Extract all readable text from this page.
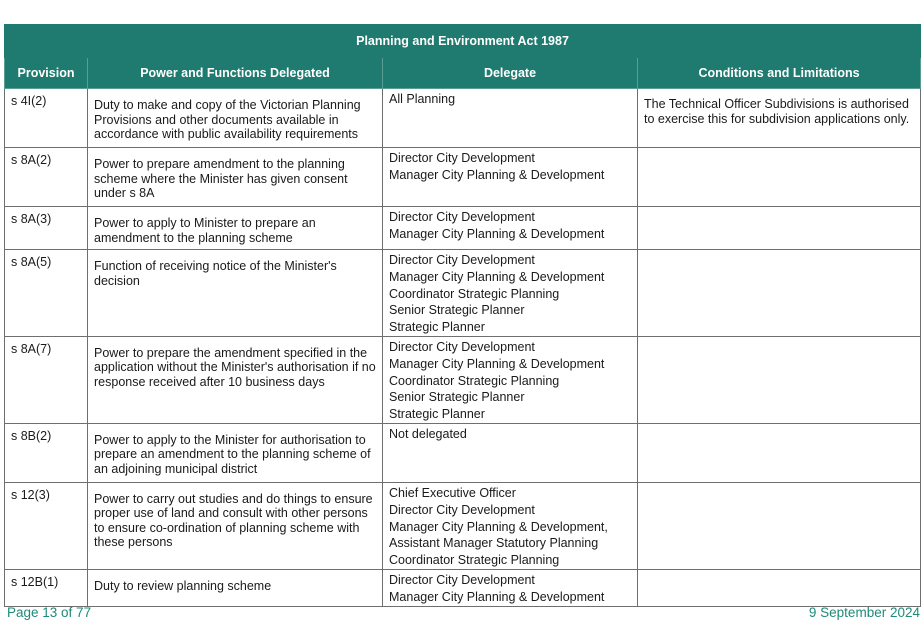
Planning and Environment Act 1987			
Provision	Power and Functions Delegated	Delegate	Conditions and Limitations
s 4I(2)	Duty to make and copy of the Victorian Planning Provisions and other documents available in accordance with public availability requirements	All Planning	The Technical Officer Subdivisions is authorised to exercise this for subdivision applications only.
s 8A(2)	Power to prepare amendment to the planning scheme where the Minister has given consent under s 8A	Director City Development
Manager City Planning & Development	

s 8A(3)	Power to apply to Minister to prepare an amendment to the planning scheme	Director City Development
Manager City Planning & Development	

s 8A(5)	Function of receiving notice of the Minister's decision	Director City Development
Manager City Planning & Development
Coordinator Strategic Planning
Senior Strategic Planner
Strategic Planner	

s 8A(7)	Power to prepare the amendment specified in the application without the Minister's authorisation if no response received after 10 business days	Director City Development
Manager City Planning & Development
Coordinator Strategic Planning
Senior Strategic Planner
Strategic Planner	

s 8B(2)	Power to apply to the Minister for authorisation to prepare an amendment to the planning scheme of an adjoining municipal district	Not delegated	

s 12(3)	Power to carry out studies and do things to ensure proper use of land and consult with other persons to ensure co-ordination of planning scheme with these persons	Chief Executive Officer
Director City Development
Manager City Planning & Development,
Assistant Manager Statutory Planning
Coordinator Strategic Planning	

s 12B(1)	Duty to review planning scheme	Director City Development
Manager City Planning & Development	

Page 13 of 77	9 September 2024
